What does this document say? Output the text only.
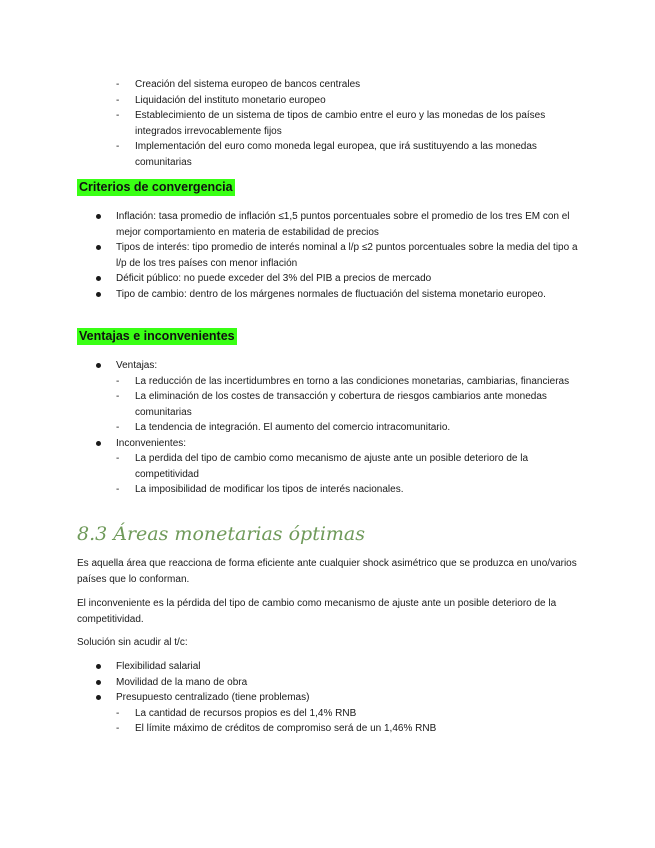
- Creación del sistema europeo de bancos centrales
- Liquidación del instituto monetario europeo
- Establecimiento de un sistema de tipos de cambio entre el euro y las monedas de los países integrados irrevocablemente fijos
- Implementación del euro como moneda legal europea, que irá sustituyendo a las monedas comunitarias
Criterios de convergencia
Inflación: tasa promedio de inflación ≤1,5 puntos porcentuales sobre el promedio de los tres EM con el mejor comportamiento en materia de estabilidad de precios
Tipos de interés: tipo promedio de interés nominal a l/p ≤2 puntos porcentuales sobre la media del tipo a l/p de los tres países con menor inflación
Déficit público: no puede exceder del 3% del PIB a precios de mercado
Tipo de cambio: dentro de los márgenes normales de fluctuación del sistema monetario europeo.
Ventajas e inconvenientes
Ventajas:
- La reducción de las incertidumbres en torno a las condiciones monetarias, cambiarias, financieras
- La eliminación de los costes de transacción y cobertura de riesgos cambiarios ante monedas comunitarias
- La tendencia de integración. El aumento del comercio intracomunitario.
Inconvenientes:
- La perdida del tipo de cambio como mecanismo de ajuste ante un posible deterioro de la competitividad
- La imposibilidad de modificar los tipos de interés nacionales.
8.3 Áreas monetarias óptimas
Es aquella área que reacciona de forma eficiente ante cualquier shock asimétrico que se produzca en uno/varios países que lo conforman.
El inconveniente es la pérdida del tipo de cambio como mecanismo de ajuste ante un posible deterioro de la competitividad.
Solución sin acudir al t/c:
Flexibilidad salarial
Movilidad de la mano de obra
Presupuesto centralizado (tiene problemas)
- La cantidad de recursos propios es del 1,4% RNB
- El límite máximo de créditos de compromiso será de un 1,46% RNB
